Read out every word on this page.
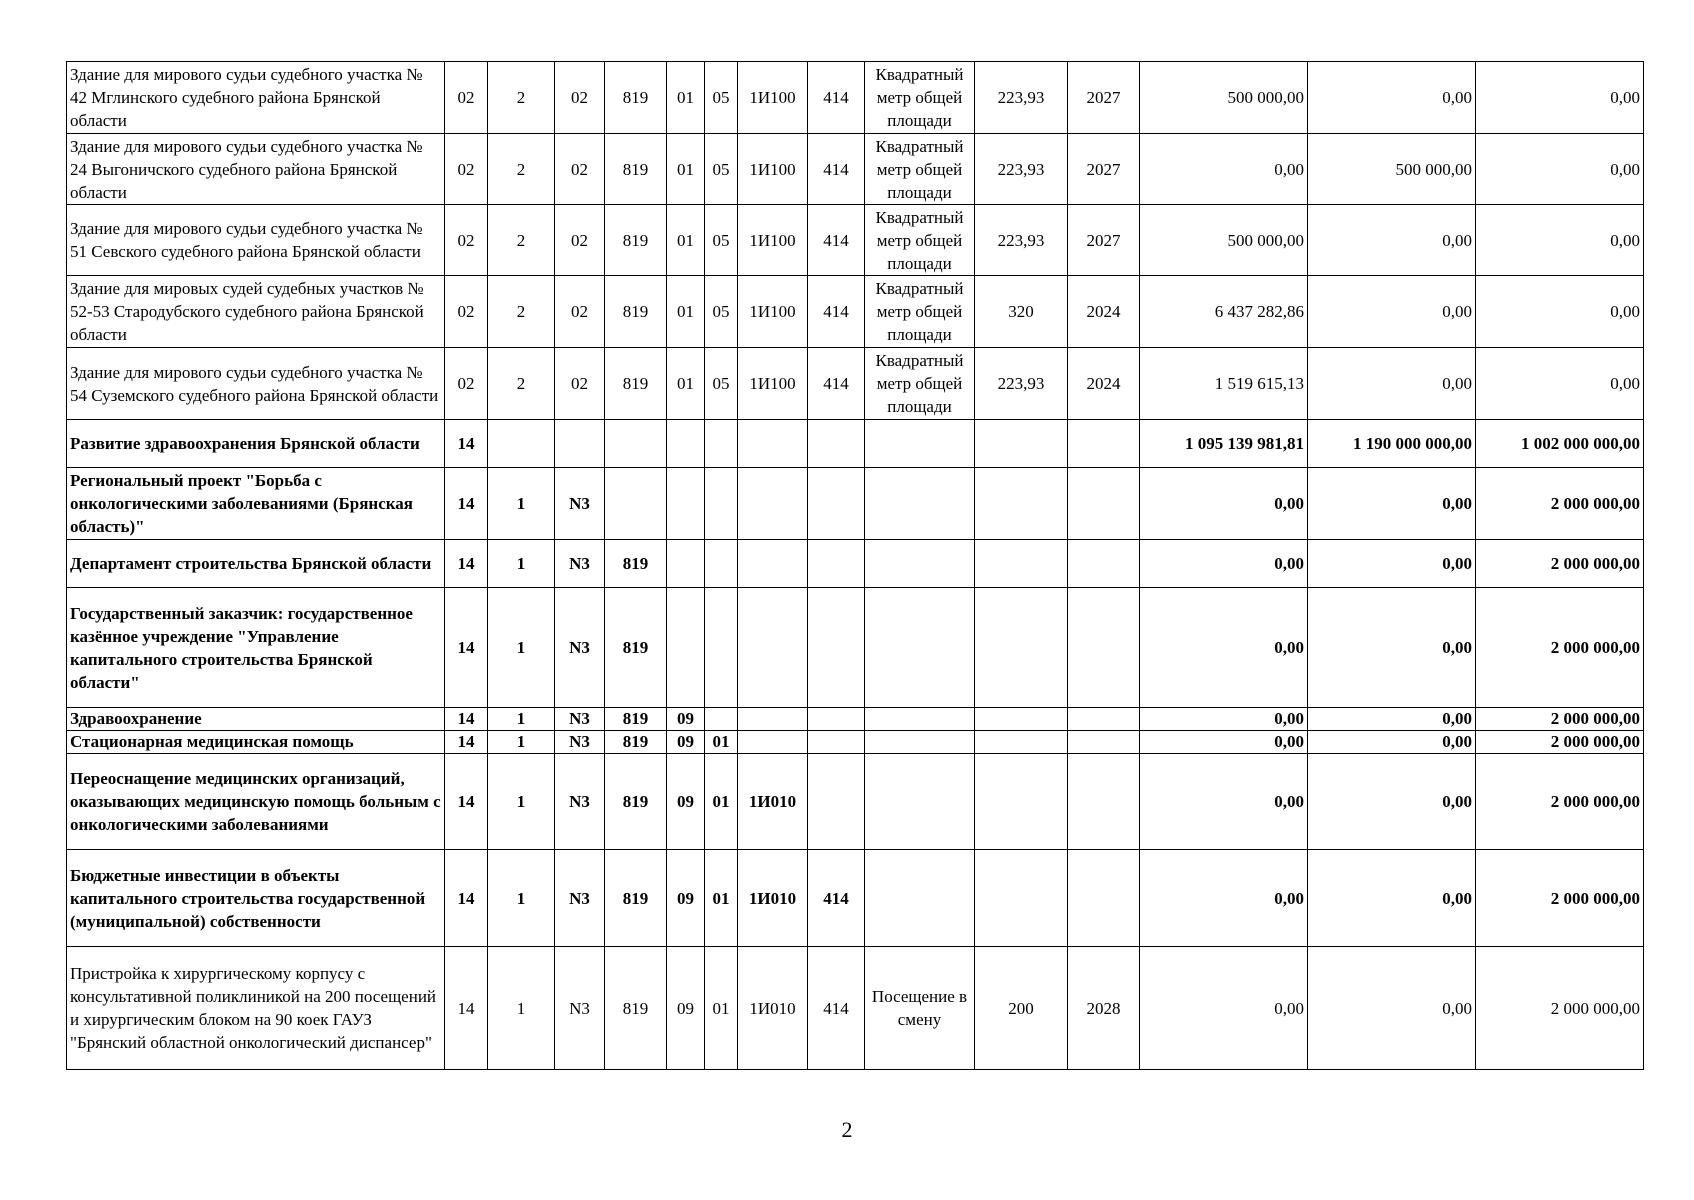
Здание для мирового судьи судебного участка № 42 Мглинского судебного района Брянской области	02	2	02	819	01	05	1И100	414	Квадратный метр общей площади	223,93	2027	500 000,00	0,00	0,00
Здание для мирового судьи судебного участка № 24 Выгоничского судебного района Брянской области	02	2	02	819	01	05	1И100	414	Квадратный метр общей площади	223,93	2027	0,00	500 000,00	0,00
Здание для мирового судьи судебного участка № 51 Севского судебного района Брянской области	02	2	02	819	01	05	1И100	414	Квадратный метр общей площади	223,93	2027	500 000,00	0,00	0,00
Здание для мировых судей судебных участков № 52-53 Стародубского судебного района Брянской области	02	2	02	819	01	05	1И100	414	Квадратный метр общей площади	320	2024	6 437 282,86	0,00	0,00
Здание для мирового судьи судебного участка № 54 Суземского судебного района Брянской области	02	2	02	819	01	05	1И100	414	Квадратный метр общей площади	223,93	2024	1 519 615,13	0,00	0,00
Развитие здравоохранения Брянской области	14											1 095 139 981,81	1 190 000 000,00	1 002 000 000,00
Региональный проект "Борьба с онкологическими заболеваниями (Брянская область)"	14	1	N3									0,00	0,00	2 000 000,00
Департамент строительства Брянской области	14	1	N3	819								0,00	0,00	2 000 000,00
Государственный заказчик: государственное казённое учреждение "Управление капитального строительства Брянской области"	14	1	N3	819								0,00	0,00	2 000 000,00
Здравоохранение	14	1	N3	819	09							0,00	0,00	2 000 000,00
Стационарная медицинская помощь	14	1	N3	819	09	01						0,00	0,00	2 000 000,00
Переоснащение медицинских организаций, оказывающих медицинскую помощь больным с онкологическими заболеваниями	14	1	N3	819	09	01	1И010					0,00	0,00	2 000 000,00
Бюджетные инвестиции в объекты капитального строительства государственной (муниципальной) собственности	14	1	N3	819	09	01	1И010	414				0,00	0,00	2 000 000,00
Пристройка к хирургическому корпусу с консультативной поликлиникой на 200 посещений и хирургическим блоком на 90 коек ГАУЗ "Брянский областной онкологический диспансер"	14	1	N3	819	09	01	1И010	414	Посещение в смену	200	2028	0,00	0,00	2 000 000,00
2
